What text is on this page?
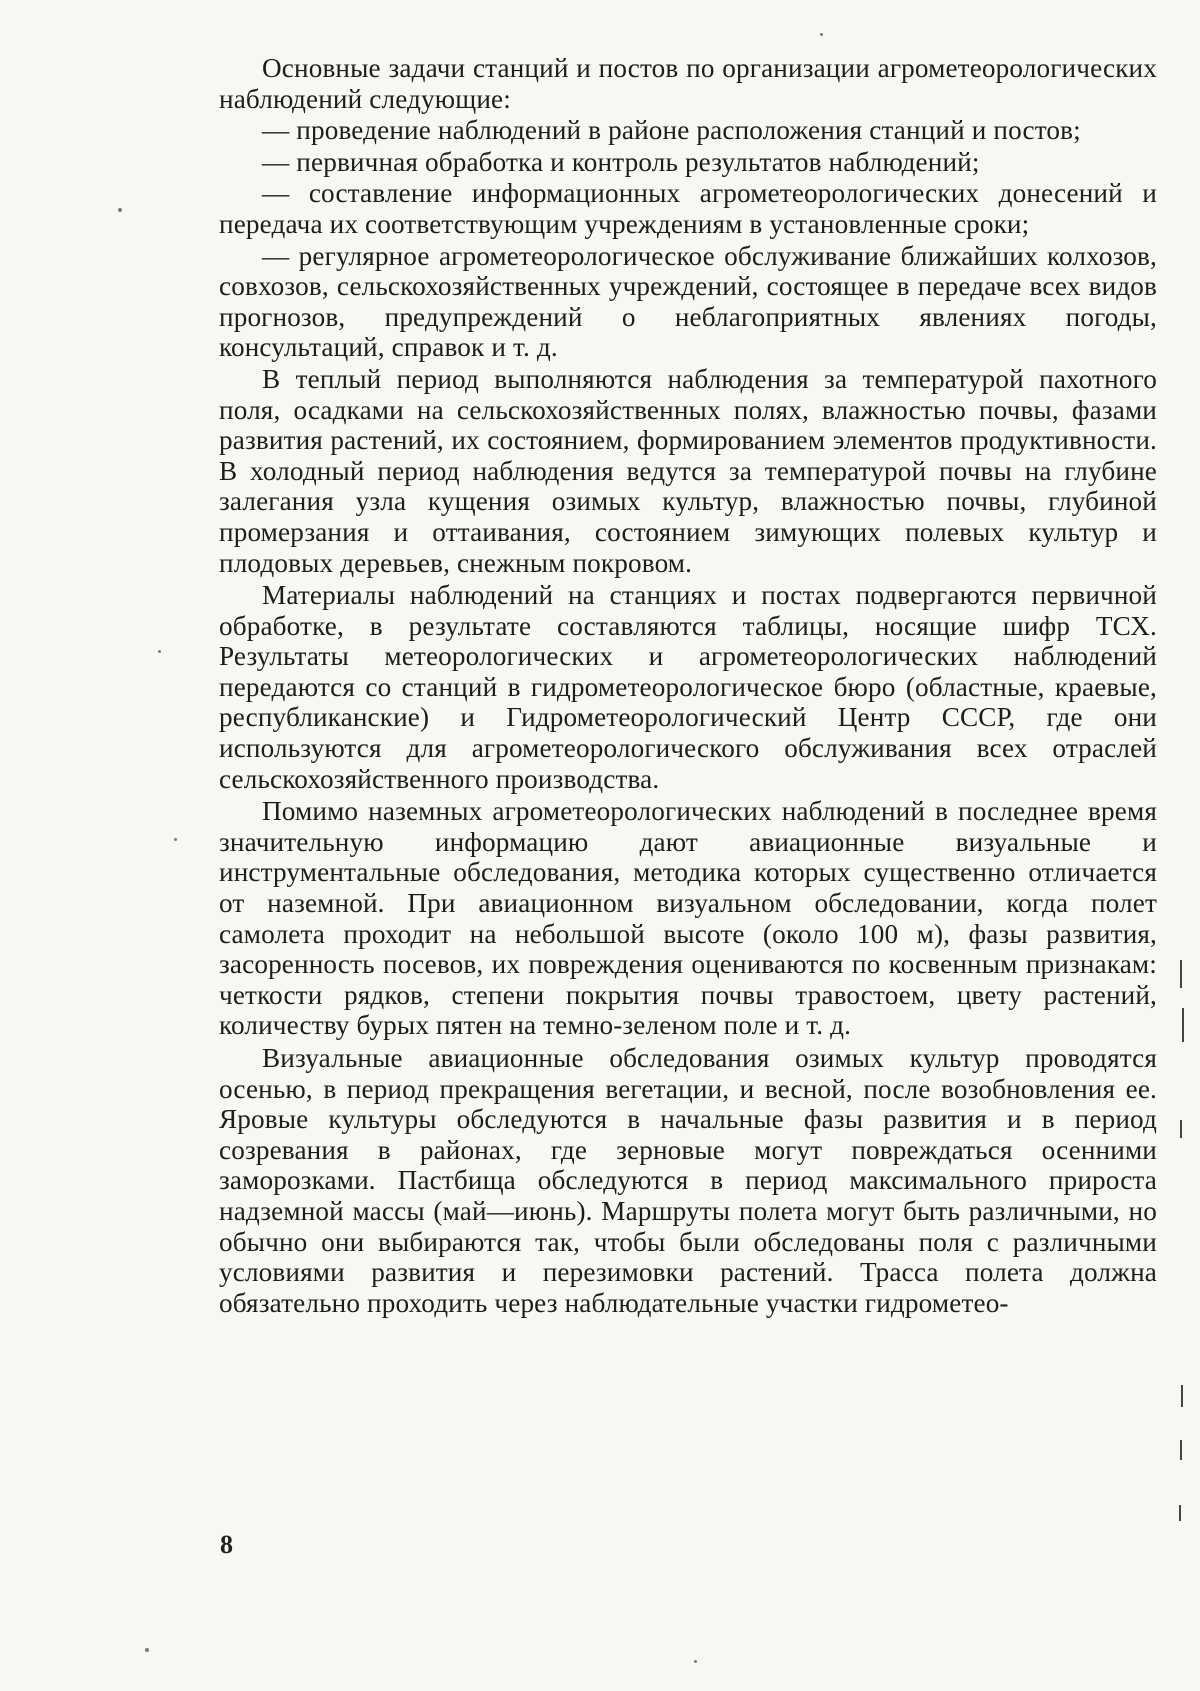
Основные задачи станций и постов по организации агрометеорологических наблюдений следующие:

— проведение наблюдений в районе расположения станций и постов;

— первичная обработка и контроль результатов наблюдений;

— составление информационных агрометеорологических донесений и передача их соответствующим учреждениям в установленные сроки;

— регулярное агрометеорологическое обслуживание ближайших колхозов, совхозов, сельскохозяйственных учреждений, состоящее в передаче всех видов прогнозов, предупреждений о неблагоприятных явлениях погоды, консультаций, справок и т. д.

В теплый период выполняются наблюдения за температурой пахотного поля, осадками на сельскохозяйственных полях, влажностью почвы, фазами развития растений, их состоянием, формированием элементов продуктивности. В холодный период наблюдения ведутся за температурой почвы на глубине залегания узла кущения озимых культур, влажностью почвы, глубиной промерзания и оттаивания, состоянием зимующих полевых культур и плодовых деревьев, снежным покровом.

Материалы наблюдений на станциях и постах подвергаются первичной обработке, в результате составляются таблицы, носящие шифр ТСХ. Результаты метеорологических и агрометеорологических наблюдений передаются со станций в гидрометеорологическое бюро (областные, краевые, республиканские) и Гидрометеорологический Центр СССР, где они используются для агрометеорологического обслуживания всех отраслей сельскохозяйственного производства.

Помимо наземных агрометеорологических наблюдений в последнее время значительную информацию дают авиационные визуальные и инструментальные обследования, методика которых существенно отличается от наземной. При авиационном визуальном обследовании, когда полет самолета проходит на небольшой высоте (около 100 м), фазы развития, засоренность посевов, их повреждения оцениваются по косвенным признакам: четкости рядков, степени покрытия почвы травостоем, цвету растений, количеству бурых пятен на темно-зеленом поле и т. д.

Визуальные авиационные обследования озимых культур проводятся осенью, в период прекращения вегетации, и весной, после возобновления ее. Яровые культуры обследуются в начальные фазы развития и в период созревания в районах, где зерновые могут повреждаться осенними заморозками. Пастбища обследуются в период максимального прироста надземной массы (май—июнь). Маршруты полета могут быть различными, но обычно они выбираются так, чтобы были обследованы поля с различными условиями развития и перезимовки растений. Трасса полета должна обязательно проходить через наблюдательные участки гидрометео-

8
